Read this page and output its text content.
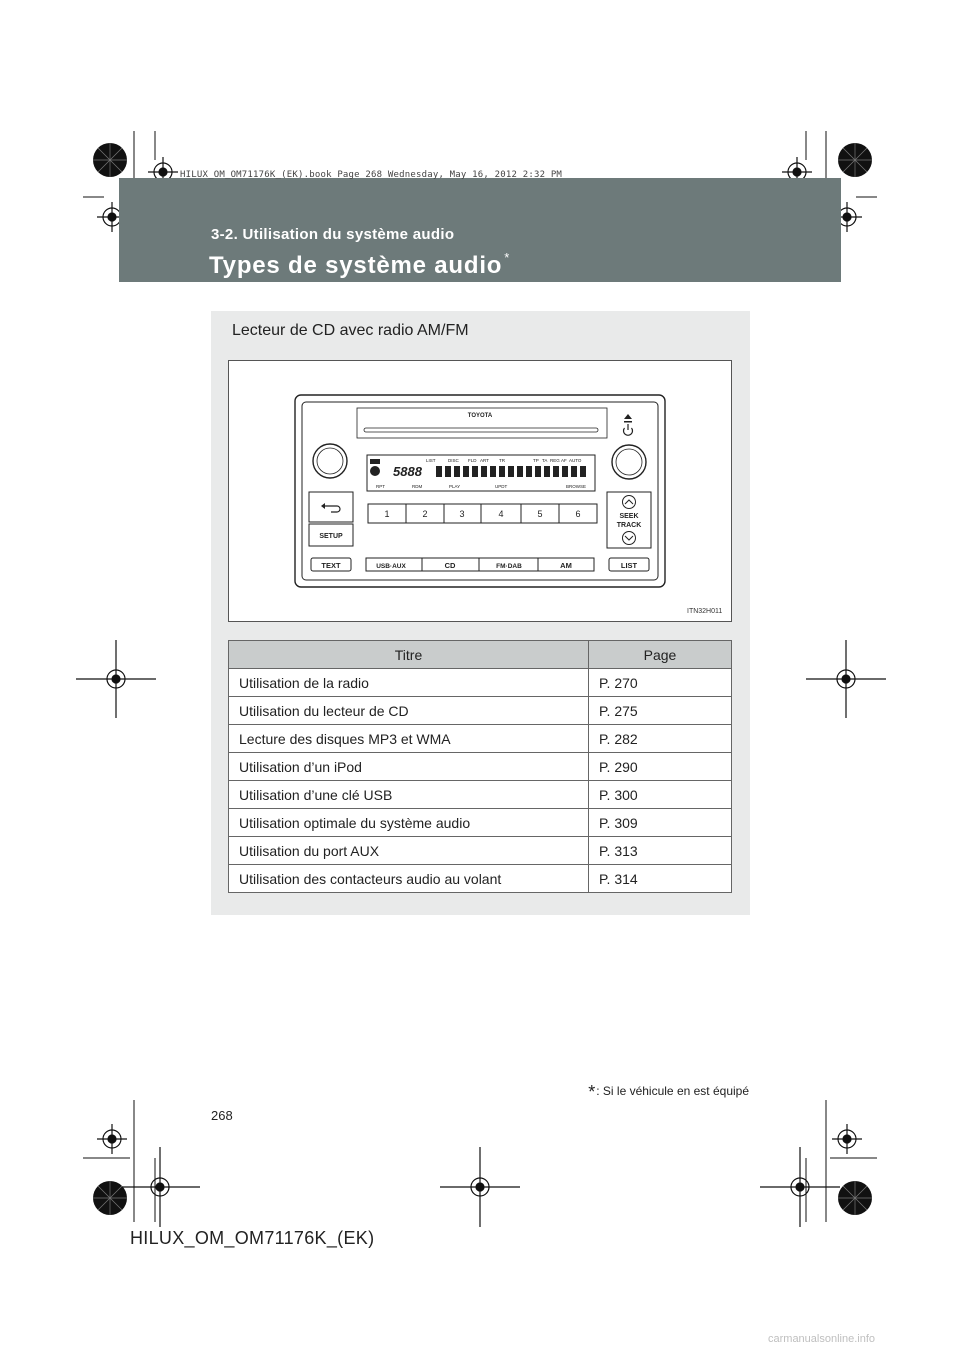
HILUX_OM_OM71176K_(EK).book Page 268 Wednesday, May 16, 2012 2:32 PM
3-2. Utilisation du système audio
Types de système audio *
Lecteur de CD avec radio AM/FM
TOYOTA
LIST	DISC FLD ART TR	TP TA REG AF AUTO
5888
RPT	RDM	PLAY	UPDT	BROWSE
SETUP
1	2	3	4	5	6	SEEK
TRACK
TEXT	USB·AUX	CD	FM·DAB	AM	LIST
ITN32H011
Titre	Page
Utilisation de la radio	P. 270
Utilisation du lecteur de CD	P. 275
Lecture des disques MP3 et WMA	P. 282
Utilisation d’un iPod	P. 290
Utilisation d’une clé USB	P. 300
Utilisation optimale du système audio	P. 309
Utilisation du port AUX	P. 313
Utilisation des contacteurs audio au volant	P. 314
*: Si le véhicule en est équipé
268
HILUX_OM_OM71176K_(EK)
carmanualsonline.info
